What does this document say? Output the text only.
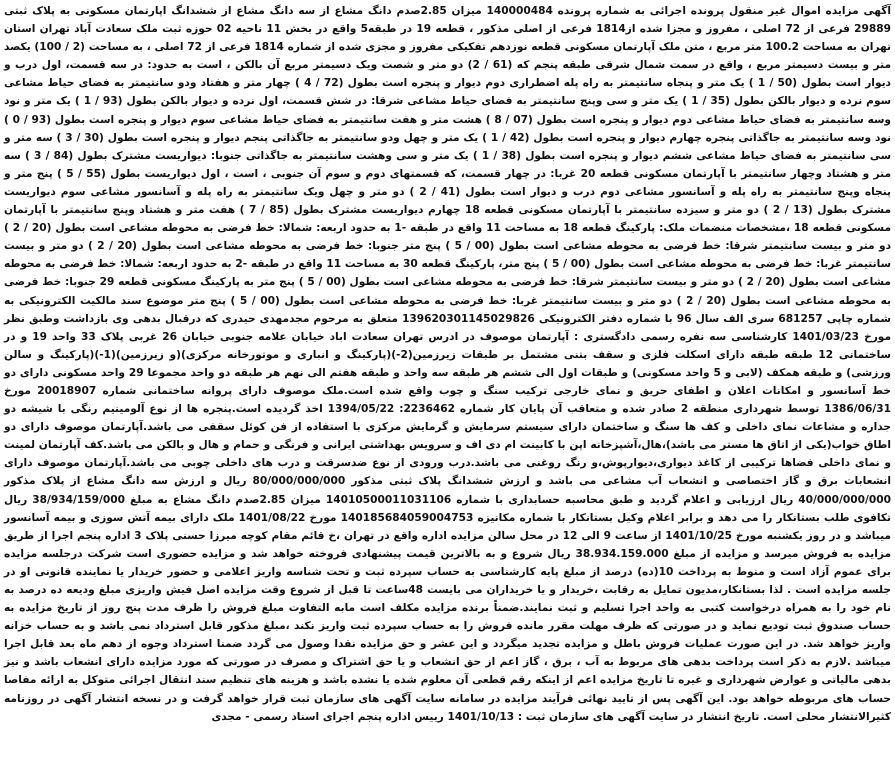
آگهی مزایده اموال غیر منقول پرونده اجرائی به شماره پرونده 140000484 میزان 2.85صدم دانگ مشاع از سه دانگ مشاع از ششدانگ اپارتمان مسکونی به پلاک ثبتی 29889 فرعی از 72 اصلی ، مفروز و مجزا شده از1814 فرعی از اصلی مذکور ، قطعه 19 در طبقه5 واقع در بخش 11 ناحیه 02 حوزه ثبت ملک سعادت آباد تهران استان تهران به مساحت 100.2 متر مربع ، متن ملک آپارتمان مسکونی قطعه نوزدهم تفکیکی مفروز و مجزی شده از شماره 1814 فرعی از 72 اصلی ، به مساحت (2 / 100) یکصد متر و بیست دسیمتر مربع ، واقع در سمت شمال شرقی طبقه پنجم که (61 / 2) دو متر و شصت ویک دسیمتر مربع آن بالکن ، است به حدود: در سه قسمت، اول درب و دیوار است بطول (50 / 1 ) یک متر و پنجاه سانتیمتر به راه پله اضطراری دوم دیوار و پنجره است بطول (72 / 4 ) چهار متر و هفتاد ودو سانتیمتر به فضای حیاط مشاعی سوم نرده و دیوار بالکن بطول (35 / 1 ) یک متر و سی وپنج سانتیمتر به فضای حیاط مشاعی شرقا: در شش قسمت، اول نرده و دیوار بالکن بطول (93 / 1 ) یک متر و نود وسه سانتیمتر به فضای حیاط مشاعی دوم دیوار و پنجره است بطول (07 / 8 ) هشت متر و هفت سانتیمتر به فضای حیاط مشاعی سوم دیوار و پنجره است بطول (93 / 0 ) نود وسه سانتیمتر به جاگذاتی پنجره چهارم دیوار و پنجره است بطول (42 / 1 ) یک متر و چهل ودو سانتیمتر به جاگذاتی پنجم دیوار و پنجره است بطول (30 / 3 ) سه متر و سی سانتیمتر به فضای حیاط مشاعی ششم دیوار و پنجره است بطول (38 / 1 ) یک متر و سی وهشت سانتیمتر به جاگذاتی جنوبا: دیواریست مشترک بطول (84 / 3 ) سه متر و هشتاد وچهار سانتیمتر با آپارتمان مسکونی قطعه 20 غربا: در چهار قسمت، که قسمتهای دوم و سوم آن جنوبی ، است ، اول دیواریست بطول (55 / 5 ) پنج متر و پنجاه وپنج سانتیمتر به راه پله و آسانسور مشاعی دوم درب و دیوار است بطول (41 / 2 ) دو متر و چهل ویک سانتیمتر به راه پله و آسانسور مشاعی سوم دیواریست مشترک بطول (13 / 2 ) دو متر و سیزده سانتیمتر با آپارتمان مسکونی قطعه 18 چهارم دیواریست مشترک بطول (85 / 7 ) هفت متر و هشتاد وپنج سانتیمتر با آپارتمان مسکونی قطعه 18 ،مشخصات منضمات ملک: پارکینگ قطعه 18 به مساحت 11 واقع در طبقه -1 به حدود اربعه: شمالا: خط فرضی به محوطه مشاعی است بطول (20 / 2 ) دو متر و بیست سانتیمتر شرقا: خط فرضی به محوطه مشاعی است بطول (00 / 5 ) پنج متر جنوبا: خط فرضی به محوطه مشاعی است بطول (20 / 2 ) دو متر و بیست سانتیمتر غربا: خط فرضی به محوطه مشاعی است بطول (00 / 5 ) پنج متر، پارکینگ قطعه 30 به مساحت 11 واقع در طبقه -2 به حدود اربعه: شمالا: خط فرضی به محوطه مشاعی است بطول (20 / 2 ) دو متر و بیست سانتیمتر شرقا: خط فرضی به محوطه مشاعی است بطول (00 / 5 ) پنج متر به پارکینگ مسکونی قطعه 29 جنوبا: خط فرضی به محوطه مشاعی است بطول (20 / 2 ) دو متر و بیست سانتیمتر غربا: خط فرضی به محوطه مشاعی است بطول (00 / 5 ) پنج متر موضوع سند مالکیت الکترونیکی به شماره چاپی 681257 سری الف سال 96 با شماره دفتر الکترونیکی 139620301145029826 متعلق به مرحوم مجدمهدی حیدری که درقبال بدهی وی بازداشت وطبق نظر مورخ 1401/03/23 کارشناسی سه نفره رسمی دادگستری : آپارتمان موصوف در ادرس تهران سعادت اباد خیابان علامه جنوبی خیابان 26 غربی پلاک 33 واحد 19 و در ساختمانی 12 طبقه طبقه دارای اسکلت فلزی و سقف بتنی مشتمل بر طبقات زیرزمین(2-)(پارکینگ و انباری و موتورخانه مرکزی)(و زیرزمین)(1-)(پارکینگ و سالن ورزشی) و طبقه همکف (لابی و 5 واحد مسکونی) و طبقات اول الی ششم هر طبقه سه واحد و طبقه هفتم الی نهم هر طبقه دو واحد مجموعا 29 واحد مسکونی دارای دو خط آسانسور و امکانات اعلان و اطفای حریق و نمای خارجی ترکیب سنگ و چوب واقع شده است.ملک موصوف دارای پروانه ساختمانی شماره 20018907 مورخ 1386/06/31 توسط شهرداری منطقه 2 صادر شده و متعاقب آن پایان کار شماره 2236462: 1394/05/22 اخذ گردیده است.پنجره ها از نوع آلومینیم رنگی با شیشه دو جداره و مشاعات نمای داخلی و کف ها سنگ و ساختمان دارای سیستم سرمایش و گرمایش مرکزی با استفاده از فن کوئل سقفی می باشد.آپارتمان موصوف دارای دو اطاق خواب(یکی از اتاق ها مستر می باشد)،هال،آشپزخانه اپن با کابینت ام دی اف و سرویس بهداشتی ایرانی و فرنگی و حمام و هال و بالکن می باشد.کف آپارتمان لمینت و نمای داخلی فضاها ترکیبی از کاغذ دیواری،دیوارپوش،و رنگ روغنی می باشد.درب ورودی از نوع ضدسرقت و درب های داخلی چوبی می باشد.آپارتمان موصوف دارای انشعابات برق و گاز اختصاصی و انشعاب آب مشاعی می باشد و ارزش ششدانگ پلاک ثبتی مذکور 80/000/000/000 ریال و ارزش سه دانگ مشاع از پلاک مذکور 40/000/000/000 ریال ارزیابی و اعلام گردید و طبق محاسبه حسابداری با شماره 14010500011031106 میزان 2.85صدم دانگ مشاع به مبلغ 38/934/159/000 ریال تکافوی طلب بستانکار را می دهد و برابر اعلام وکیل بستانکار با شماره مکانیزه 140185684059004753 مورخ 1401/08/22 ملک دارای بیمه آتش سوزی و بیمه آسانسور میباشد و در روز یکشنبه مورخ 1401/10/25 از ساعت 9 الی 12 در محل سالن مزایده اداره واقع در تهران ،خ قائم مقام کوچه میرزا حسنی پلاک 3 اداره پنجم اجرا از طریق مزایده به فروش میرسد و مزایده از مبلغ 38.934.159.000 ریال شروع و به بالاترین قیمت پیشنهادی فروخته خواهد شد و مزایده حضوری است شرکت درجلسه مزایده برای عموم آزاد است و منوط به پرداخت 10(ده) درصد از مبلغ پایه کارشناسی به حساب سپرده ثبت و تحت شناسه واریز اعلامی و حضور خریدار یا نماینده قانونی او در جلسه مزایده است . لذا بستانکار،مدیون تمایل به رقابت ،خریدار و یا خریداران می بایست 48ساعت تا قبل از شروع وقت مزایده اصل فیش واریزی مبلغ ودیعه ده درصد به نام خود را به همراه درخواست کتبی به واحد اجرا تسلیم و ثبت نمایند.ضمناً برنده مزایده مکلف است مابه التفاوت مبلغ فروش را ظرف مدت پنج روز از تاریخ مزایده به حساب صندوق ثبت تودیع نماید و در صورتی که ظرف مهلت مقرر مانده فروش را به حساب سپرده ثبت واریز نکند ،مبلغ مذکور قابل استرداد نمی باشد و به حساب خزانه واریز خواهد شد. در این صورت عملیات فروش باطل و مزایده تجدید میگردد و این عشر و حق مزایده نقدا وصول می گردد ضمنا استرداد وجوه از دهم ماه بعد قابل اجرا میباشد .لازم به ذکر است پرداخت بدهی های مربوط به آب ، برق ، گاز اعم از حق انشعاب و یا حق اشتراک و مصرف در صورتی که مورد مزایده دارای انشعاب باشد و نیز بدهی مالیاتی و عوارض شهرداری و غیره تا تاریخ مزایده اعم از اینکه رقم قطعی آن معلوم شده یا نشده باشد و هزینه های تنظیم سند انتقال اجرائی متوکل به ارائه مفاصا حساب های مربوطه خواهد بود. این آگهی پس از تایید نهائی فرآیند مزایده در سامانه سایت آگهی های سازمان ثبت قرار خواهد گرفت و در نسخه انتشار آگهی در روزنامه کثیرالانتشار محلی است. تاریخ انتشار در سایت آگهی های سازمان ثبت : 1401/10/13 رییس اداره پنجم اجرای اسناد رسمی - مجدی
